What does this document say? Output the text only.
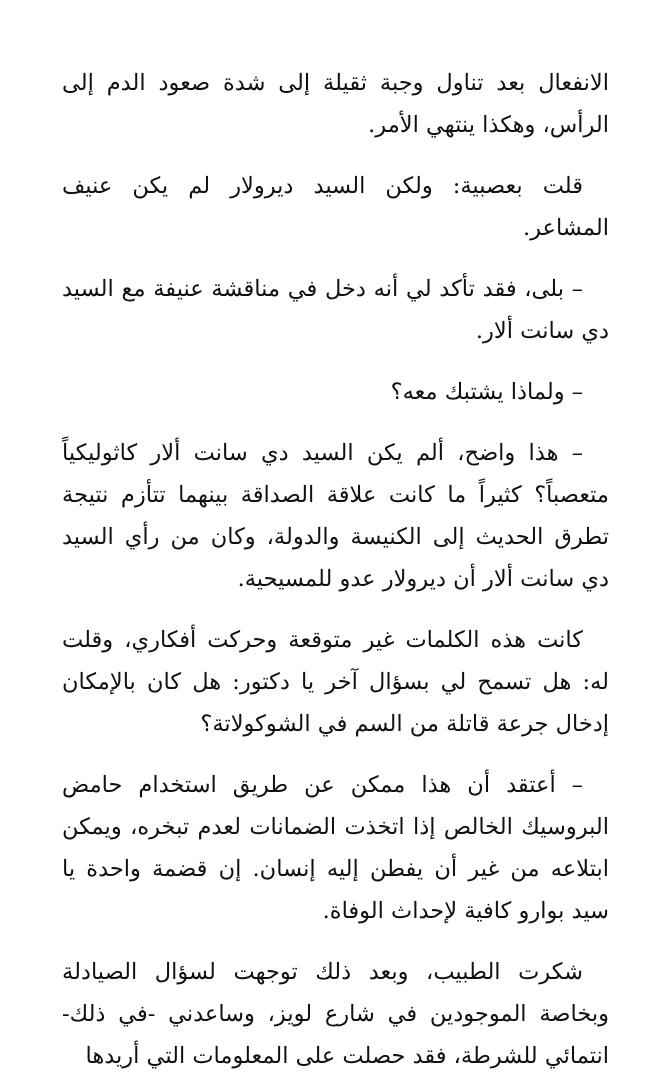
الانفعال بعد تناول وجبة ثقيلة إلى شدة صعود الدم إلى الرأس، وهكذا ينتهي الأمر.

قلت بعصبية: ولكن السيد ديرولار لم يكن عنيف المشاعر.

– بلى، فقد تأكد لي أنه دخل في مناقشة عنيفة مع السيد دي سانت ألار.

– ولماذا يشتبك معه؟

– هذا واضح، ألم يكن السيد دي سانت ألار كاثوليكياً متعصباً؟ كثيراً ما كانت علاقة الصداقة بينهما تتأزم نتيجة تطرق الحديث إلى الكنيسة والدولة، وكان من رأي السيد دي سانت ألار أن ديرولار عدو للمسيحية.

كانت هذه الكلمات غير متوقعة وحركت أفكاري، وقلت له: هل تسمح لي بسؤال آخر يا دكتور: هل كان بالإمكان إدخال جرعة قاتلة من السم في الشوكولاتة؟

– أعتقد أن هذا ممكن عن طريق استخدام حامض البروسيك الخالص إذا اتخذت الضمانات لعدم تبخره، ويمكن ابتلاعه من غير أن يفطن إليه إنسان. إن قضمة واحدة يا سيد بوارو كافية لإحداث الوفاة.

شكرت الطبيب، وبعد ذلك توجهت لسؤال الصيادلة وبخاصة الموجودين في شارع لويز، وساعدني -في ذلك- انتمائي للشرطة، فقد حصلت على المعلومات التي أريدها
